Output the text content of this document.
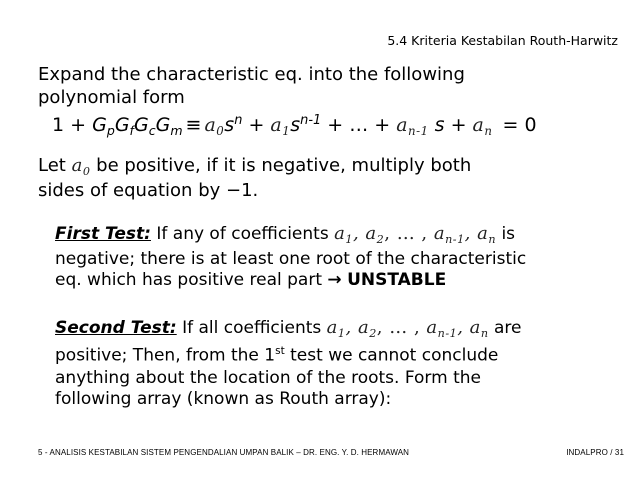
5.4 Kriteria Kestabilan Routh-Harwitz
Expand the characteristic eq. into the following
polynomial form
$1 + G_pG_fG_cG_m \equiv a_0s^n + a_1s^{n-1}$ + … + $a_{n-1}$ $s + a_n = 0$
Let $a_0$ be positive, if it is negative, multiply both
sides of equation by −1.
First Test: If any of coefficients $a_1$, $a_2$, … , $a_{n-1}$, $a_n$ is
negative; there is at least one root of the characteristic
eq. which has positive real part → UNSTABLE
Second Test: If all coefficients $a_1$, $a_2$, … , $a_{n-1}$, $a_n$ are
positive; Then, from the 1st test we cannot conclude
anything about the location of the roots. Form the
following array (known as Routh array):
5 - ANALISIS KESTABILAN SISTEM PENGENDALIAN UMPAN BALIK – DR. ENG. Y. D. HERMAWAN	INDALPRO / 31
